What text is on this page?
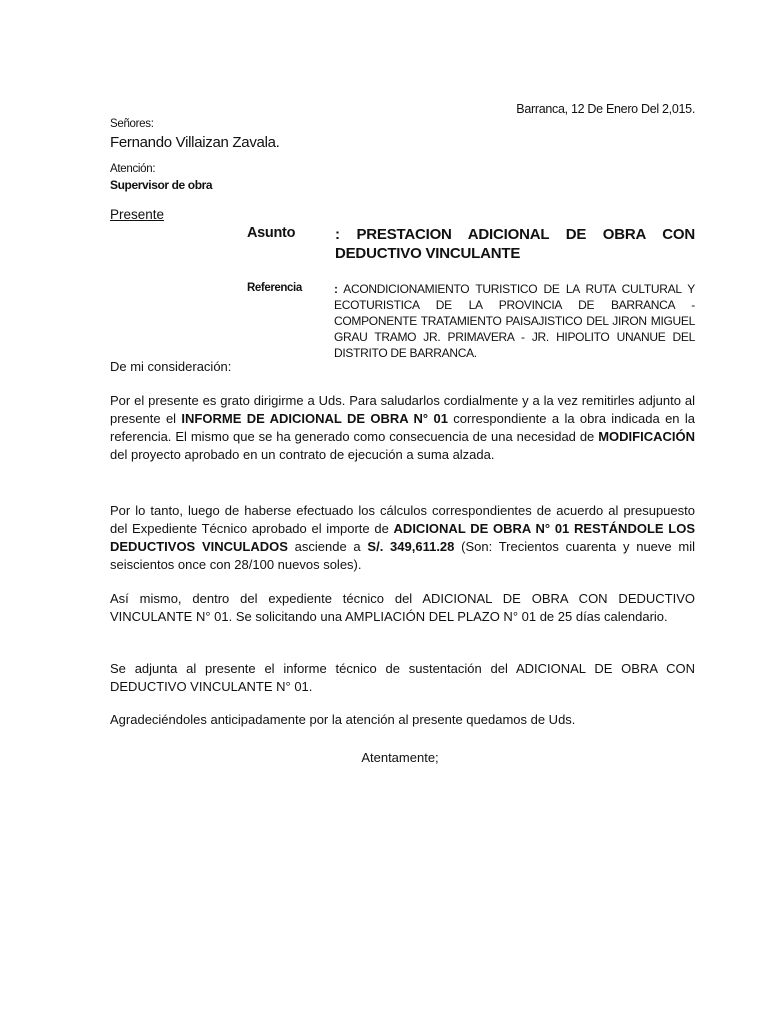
Barranca, 12 De Enero Del 2,015.
Señores:
Fernando Villaizan Zavala.
Atención:
Supervisor de obra
Presente
Asunto	: PRESTACION ADICIONAL DE OBRA CON DEDUCTIVO VINCULANTE
Referencia	: ACONDICIONAMIENTO TURISTICO DE LA RUTA CULTURAL Y ECOTURISTICA DE LA PROVINCIA DE BARRANCA - COMPONENTE TRATAMIENTO PAISAJISTICO DEL JIRON MIGUEL GRAU TRAMO JR. PRIMAVERA - JR. HIPOLITO UNANUE DEL DISTRITO DE BARRANCA.
De mi consideración:
Por el presente es grato dirigirme a Uds. Para saludarlos cordialmente y a la vez remitirles adjunto al presente el INFORME DE ADICIONAL DE OBRA N° 01 correspondiente a la obra indicada en la referencia. El mismo que se ha generado como consecuencia de una necesidad de MODIFICACIÓN del proyecto aprobado en un contrato de ejecución a suma alzada.
Por lo tanto, luego de haberse efectuado los cálculos correspondientes de acuerdo al presupuesto del Expediente Técnico aprobado el importe de ADICIONAL DE OBRA N° 01 RESTÁNDOLE LOS DEDUCTIVOS VINCULADOS asciende a S/. 349,611.28 (Son: Trecientos cuarenta y nueve mil seiscientos once con 28/100 nuevos soles).
Así mismo, dentro del expediente técnico del ADICIONAL DE OBRA CON DEDUCTIVO VINCULANTE N° 01. Se solicitando una AMPLIACIÓN DEL PLAZO N° 01 de 25 días calendario.
Se adjunta al presente el informe técnico de sustentación del ADICIONAL DE OBRA CON DEDUCTIVO VINCULANTE N° 01.
Agradeciéndoles anticipadamente por la atención al presente quedamos de Uds.
Atentamente;
